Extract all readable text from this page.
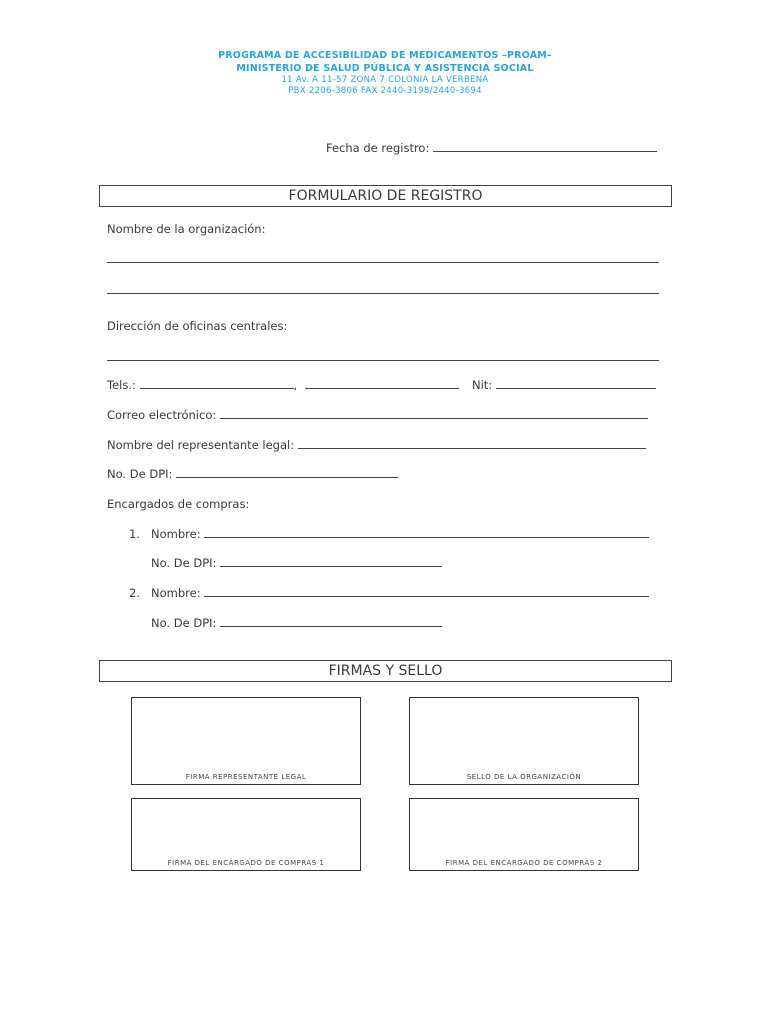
PROGRAMA DE ACCESIBILIDAD DE MEDICAMENTOS –PROAM–
MINISTERIO DE SALUD PÚBLICA Y ASISTENCIA SOCIAL
11 Av. A 11-57 ZONA 7 COLONIA LA VERBENA
PBX 2206-3806 FAX 2440-3198/2440-3694
Fecha de registro:
FORMULARIO DE REGISTRO
Nombre de la organización:
Dirección de oficinas centrales:
Tels.:	,	Nit:
Correo electrónico:
Nombre del representante legal:
No. De DPI:
Encargados de compras:
1. Nombre:
No. De DPI:
2. Nombre:
No. De DPI:
FIRMAS Y SELLO
FIRMA REPRESENTANTE LEGAL	SELLO DE LA ORGANIZACIÓN
FIRMA DEL ENCARGADO DE COMPRAS 1	FIRMA DEL ENCARGADO DE COMPRAS 2
